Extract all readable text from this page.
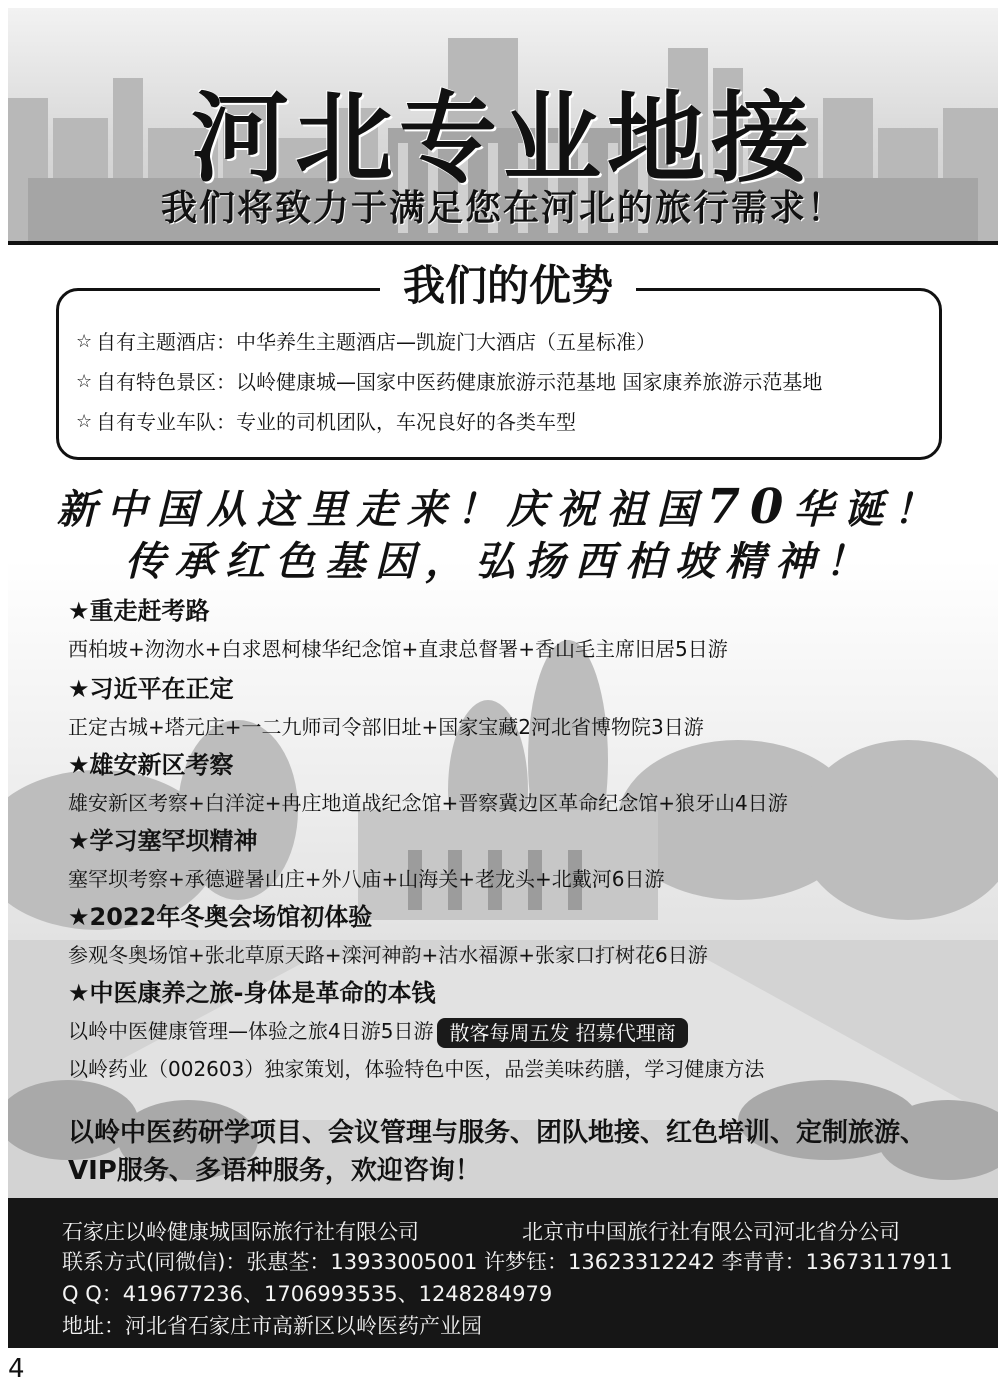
河北专业地接
我们将致力于满足您在河北的旅行需求！
我们的优势
☆ 自有主题酒店： 中华养生主题酒店—凯旋门大酒店（五星标准）
☆ 自有特色景区： 以岭健康城—国家中医药健康旅游示范基地 国家康养旅游示范基地
☆ 自有专业车队： 专业的司机团队，车况良好的各类车型
新中国从这里走来！庆祝祖国70华诞！
传承红色基因，弘扬西柏坡精神！
★重走赶考路
西柏坡+沕沕水+白求恩柯棣华纪念馆+直隶总督署+香山毛主席旧居5日游
★习近平在正定
正定古城+塔元庄+一二九师司令部旧址+国家宝藏2河北省博物院3日游
★雄安新区考察
雄安新区考察+白洋淀+冉庄地道战纪念馆+晋察冀边区革命纪念馆+狼牙山4日游
★学习塞罕坝精神
塞罕坝考察+承德避暑山庄+外八庙+山海关+老龙头+北戴河6日游
★2022年冬奥会场馆初体验
参观冬奥场馆+张北草原天路+滦河神韵+沽水福源+张家口打树花6日游
★中医康养之旅-身体是革命的本钱
以岭中医健康管理—体验之旅4日游5日游 散客每周五发 招募代理商
以岭药业（002603）独家策划，体验特色中医，品尝美味药膳，学习健康方法
以岭中医药研学项目、会议管理与服务、团队地接、红色培训、定制旅游、VIP服务、多语种服务，欢迎咨询！
石家庄以岭健康城国际旅行社有限公司	北京市中国旅行社有限公司河北省分公司
联系方式(同微信)：张惠荃：13933005001 许梦钰：13623312242 李青青：13673117911
Q Q：419677236、1706993535、1248284979
地址：河北省石家庄市高新区以岭医药产业园
4
